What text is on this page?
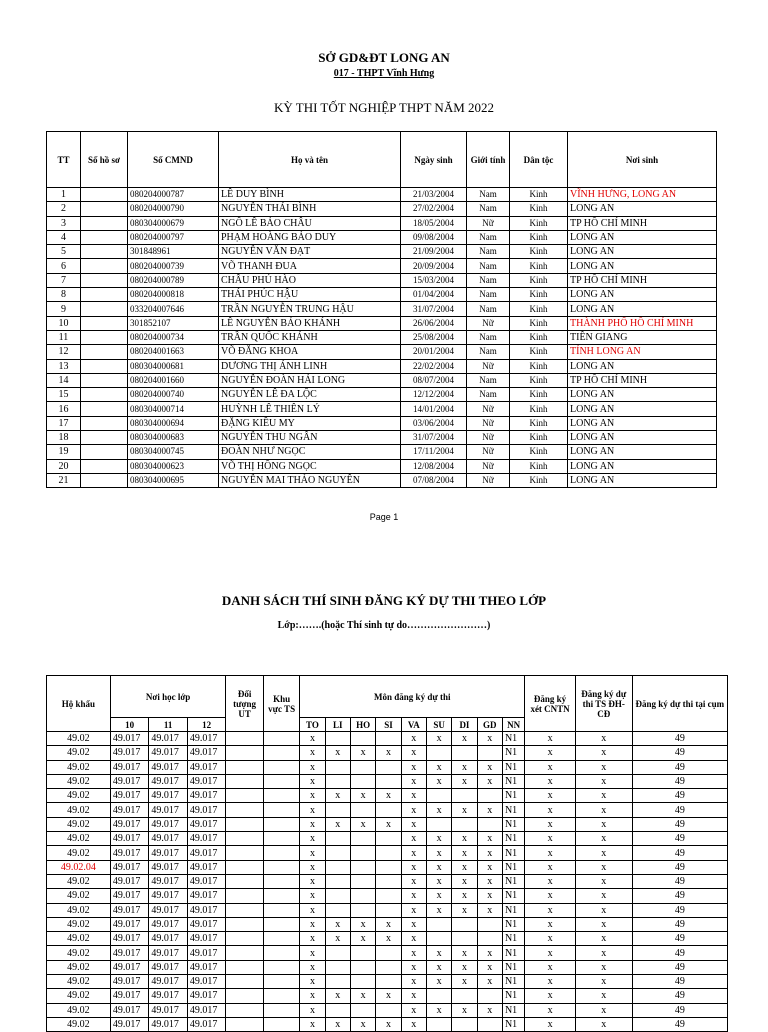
SỞ GD&ĐT LONG AN
017 - THPT Vĩnh Hưng
KỲ THI TỐT NGHIỆP THPT NĂM 2022
TT	Số hồ sơ	Số CMND	Họ và tên	Ngày sinh	Giới tính	Dân tộc	Nơi sinh
1		080204000787	LÊ DUY BÌNH	21/03/2004	Nam	Kinh	VĨNH HƯNG, LONG AN
2		080204000790	NGUYỄN THÁI BÌNH	27/02/2004	Nam	Kinh	LONG AN
3		080304000679	NGÔ LÊ BẢO CHÂU	18/05/2004	Nữ	Kinh	TP HỒ CHÍ MINH
4		080204000797	PHẠM HOÀNG BẢO DUY	09/08/2004	Nam	Kinh	LONG AN
5		301848961	NGUYỄN VĂN ĐẠT	21/09/2004	Nam	Kinh	LONG AN
6		080204000739	VÕ THANH ĐUA	20/09/2004	Nam	Kinh	LONG AN
7		080204000789	CHÂU PHÚ HÀO	15/03/2004	Nam	Kinh	TP HỒ CHÍ MINH
8		080204000818	THÁI PHÚC HẬU	01/04/2004	Nam	Kinh	LONG AN
9		033204007646	TRẦN NGUYỄN TRUNG HẬU	31/07/2004	Nam	Kinh	LONG AN
10		301852107	LÊ NGUYỄN BẢO KHÁNH	26/06/2004	Nữ	Kinh	THÀNH PHỐ HỒ CHÍ MINH
11		080204000734	TRẦN QUỐC KHÁNH	25/08/2004	Nam	Kinh	TIỀN GIANG
12		080204001663	VÕ ĐĂNG KHOA	20/01/2004	Nam	Kinh	TỈNH LONG AN
13		080304000681	DƯƠNG THỊ ÁNH LINH	22/02/2004	Nữ	Kinh	LONG AN
14		080204001660	NGUYỄN ĐOÀN HẢI LONG	08/07/2004	Nam	Kinh	TP HỒ CHÍ MINH
15		080204000740	NGUYỄN LÊ ĐA LỘC	12/12/2004	Nam	Kinh	LONG AN
16		080304000714	HUỲNH LÊ THIÊN LÝ	14/01/2004	Nữ	Kinh	LONG AN
17		080304000694	ĐẶNG KIỀU MY	03/06/2004	Nữ	Kinh	LONG AN
18		080304000683	NGUYỄN THU NGÂN	31/07/2004	Nữ	Kinh	LONG AN
19		080304000745	ĐOÀN NHƯ NGỌC	17/11/2004	Nữ	Kinh	LONG AN
20		080304000623	VÕ THỊ HỒNG NGỌC	12/08/2004	Nữ	Kinh	LONG AN
21		080304000695	NGUYỄN MAI THẢO NGUYÊN	07/08/2004	Nữ	Kinh	LONG AN
Page 1
DANH SÁCH THÍ SINH ĐĂNG KÝ DỰ THI THEO LỚP
Lớp:…….(hoặc Thí sinh tự do……………………)
Hộ khẩu	Nơi học lớp			Đối tượng UT	Khu vực TS	Môn đăng ký dự thi									Đăng ký xét CNTN	Đăng ký dự thi TS ĐH-CĐ	Đăng ký dự thi tại cụm
	10	11	12			TO	LI	HO	SI	VA	SU	DI	GD	NN			
49.02	49.017	49.017	49.017			x				x	x	x	x	N1	x	x	49
49.02	49.017	49.017	49.017			x	x	x	x	x				N1	x	x	49
49.02	49.017	49.017	49.017			x				x	x	x	x	N1	x	x	49
49.02	49.017	49.017	49.017			x				x	x	x	x	N1	x	x	49
49.02	49.017	49.017	49.017			x	x	x	x	x				N1	x	x	49
49.02	49.017	49.017	49.017			x				x	x	x	x	N1	x	x	49
49.02	49.017	49.017	49.017			x	x	x	x	x				N1	x	x	49
49.02	49.017	49.017	49.017			x				x	x	x	x	N1	x	x	49
49.02	49.017	49.017	49.017			x				x	x	x	x	N1	x	x	49
49.02.04	49.017	49.017	49.017			x				x	x	x	x	N1	x	x	49
49.02	49.017	49.017	49.017			x				x	x	x	x	N1	x	x	49
49.02	49.017	49.017	49.017			x				x	x	x	x	N1	x	x	49
49.02	49.017	49.017	49.017			x				x	x	x	x	N1	x	x	49
49.02	49.017	49.017	49.017			x	x	x	x	x				N1	x	x	49
49.02	49.017	49.017	49.017			x	x	x	x	x				N1	x	x	49
49.02	49.017	49.017	49.017			x				x	x	x	x	N1	x	x	49
49.02	49.017	49.017	49.017			x				x	x	x	x	N1	x	x	49
49.02	49.017	49.017	49.017			x				x	x	x	x	N1	x	x	49
49.02	49.017	49.017	49.017			x	x	x	x	x				N1	x	x	49
49.02	49.017	49.017	49.017			x				x	x	x	x	N1	x	x	49
49.02	49.017	49.017	49.017			x	x	x	x	x				N1	x	x	49
